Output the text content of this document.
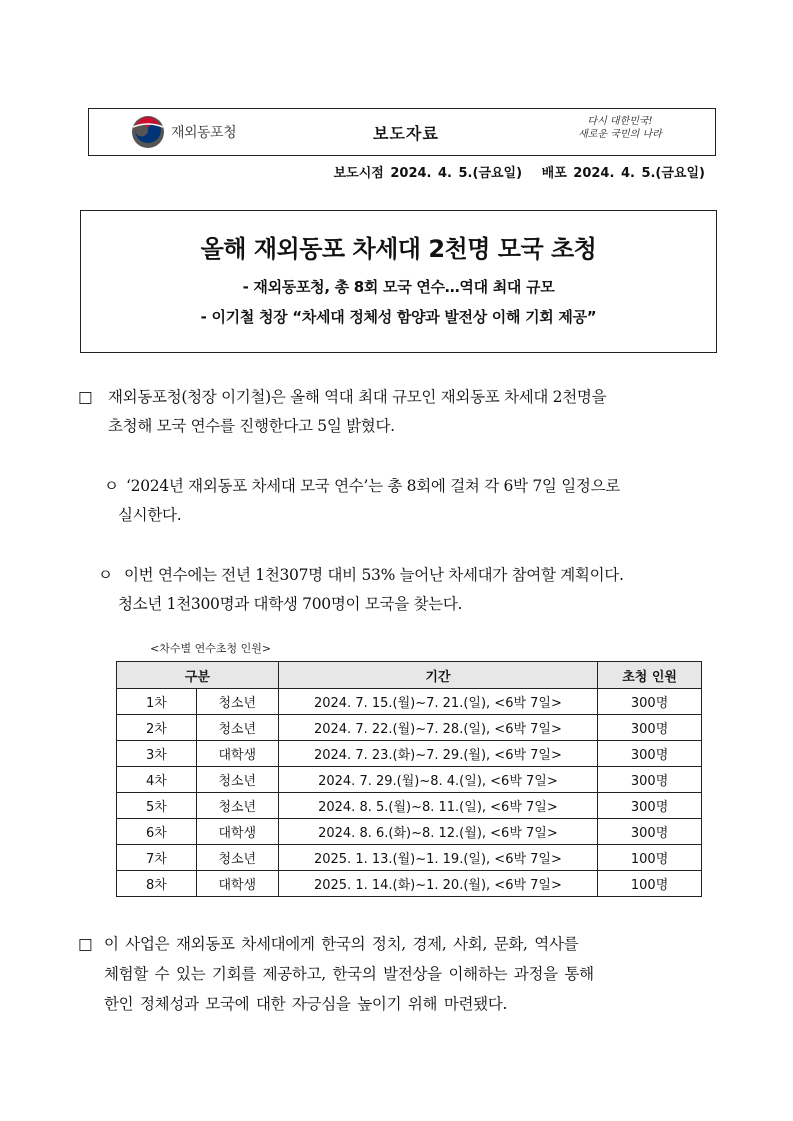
재외동포청	보도자료
다시 대한민국!
새로운 국민의 나라
보도시점 2024. 4. 5.(금요일) 배포 2024. 4. 5.(금요일)
올해 재외동포 차세대 2천명 모국 초청
- 재외동포청, 총 8회 모국 연수…역대 최대 규모
- 이기철 청장 “차세대 정체성 함양과 발전상 이해 기회 제공”
□ 재외동포청(청장 이기철)은 올해 역대 최대 규모인 재외동포 차세대 2천명을
초청해 모국 연수를 진행한다고 5일 밝혔다.
ㅇ ‘2024년 재외동포 차세대 모국 연수’는 총 8회에 걸쳐 각 6박 7일 일정으로
실시한다.
ㅇ 이번 연수에는 전년 1천307명 대비 53% 늘어난 차세대가 참여할 계획이다.
청소년 1천300명과 대학생 700명이 모국을 찾는다.
<차수별 연수초청 인원>
구분		기간	초청 인원
1차	청소년	2024. 7. 15.(월)~7. 21.(일), <6박 7일>	300명
2차	청소년	2024. 7. 22.(월)~7. 28.(일), <6박 7일>	300명
3차	대학생	2024. 7. 23.(화)~7. 29.(월), <6박 7일>	300명
4차	청소년	2024. 7. 29.(월)~8. 4.(일), <6박 7일>	300명
5차	청소년	2024. 8. 5.(월)~8. 11.(일), <6박 7일>	300명
6차	대학생	2024. 8. 6.(화)~8. 12.(월), <6박 7일>	300명
7차	청소년	2025. 1. 13.(월)~1. 19.(일), <6박 7일>	100명
8차	대학생	2025. 1. 14.(화)~1. 20.(월), <6박 7일>	100명
□ 이 사업은 재외동포 차세대에게 한국의 정치, 경제, 사회, 문화, 역사를
체험할 수 있는 기회를 제공하고, 한국의 발전상을 이해하는 과정을 통해
한인 정체성과 모국에 대한 자긍심을 높이기 위해 마련됐다.
